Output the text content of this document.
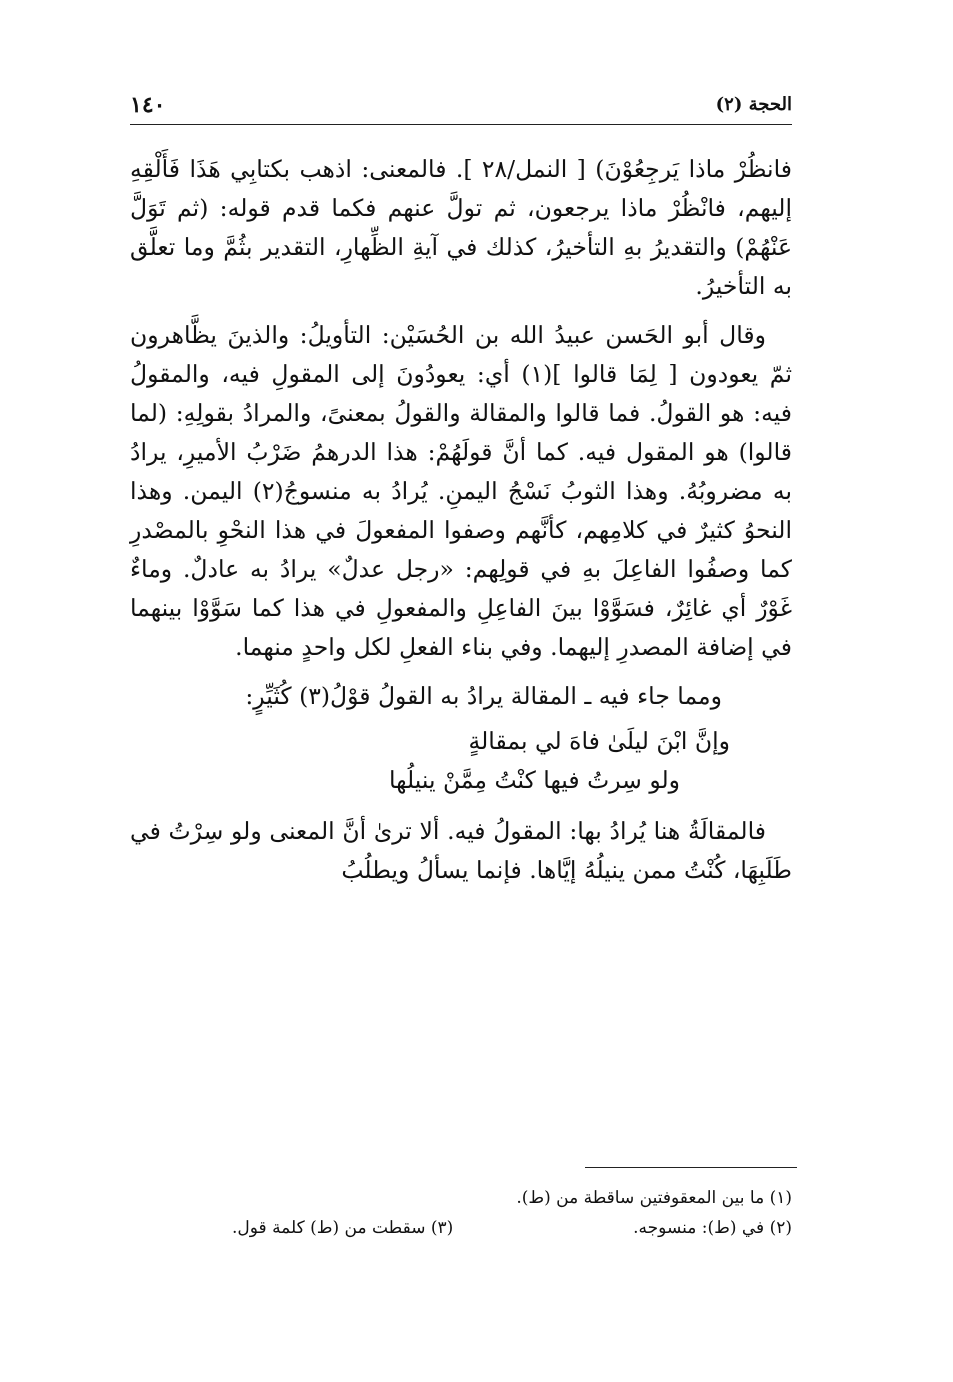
١٤٠	الحجة (٢)

فانظُرْ ماذا يَرجِعُوْنَ) [ النمل/٢٨ ]. فالمعنى: اذهب بكتابِي هَذَا فَأَلْقِهِ إليهم، فانْظُرْ ماذا يرجعون، ثم تولَّ عنهم فكما قدم قوله: (ثم تَوَلَّ عَنْهُمْ) والتقديرُ بهِ التأخيرُ، كذلك في آيةِ الظِّهارِ، التقدير بثُمَّ وما تعلَّق به التأخيرُ.

وقال أبو الحَسن عبيدُ الله بن الحُسَيْن: التأويلُ: والذينَ يظَّاهرون ثمّ يعودون [ لِمَا قالوا ](١) أي: يعودُونَ إلى المقولِ فيه، والمقولُ فيه: هو القولُ. فما قالوا والمقالة والقولُ بمعنىً، والمرادُ بقولِهِ: (لما قالوا) هو المقول فيه. كما أنَّ قولَهُمْ: هذا الدرهمُ ضَرْبُ الأميرِ، يرادُ به مضروبُهُ. وهذا الثوبُ نَسْجُ اليمنِ. يُرادُ به منسوجُ(٢) اليمن. وهذا النحوُ كثيرٌ في كلامِهم، كأنَّهم وصفوا المفعولَ في هذا النحْوِ بالمصْدرِ كما وصفُوا الفاعِلَ بهِ في قولِهم: «رجل عدلٌ» يرادُ به عادلٌ. وماءٌ غَوْرٌ أي غائِرٌ، فسَوَّوْا بينَ الفاعِلِ والمفعولِ في هذا كما سَوَّوْا بينهما في إضافة المصدرِ إليهما. وفي بناء الفعلِ لكل واحدٍ منهما.

ومما جاء فيه ـ المقالة يرادُ به القولُ قوْلُ(٣) كُثَيِّرٍ:

وإنَّ ابْنَ ليلَىٰ فاهَ لي بمقالةٍ
ولو سِرتُ فيها كنْتُ مِمَّنْ ينيلُها

فالمقالَةُ هنا يُرادُ بها: المقولُ فيه. ألا ترىٰ أنَّ المعنى ولو سِرْتُ في طَلَبِهَا، كُنْتُ ممن ينيلُهُ إيَّاها. فإنما يسألُ ويطلُبُ

(١) ما بين المعقوفتين ساقطة من (ط).
(٢) في (ط): منسوجه.
(٣) سقطت من (ط) كلمة قول.
